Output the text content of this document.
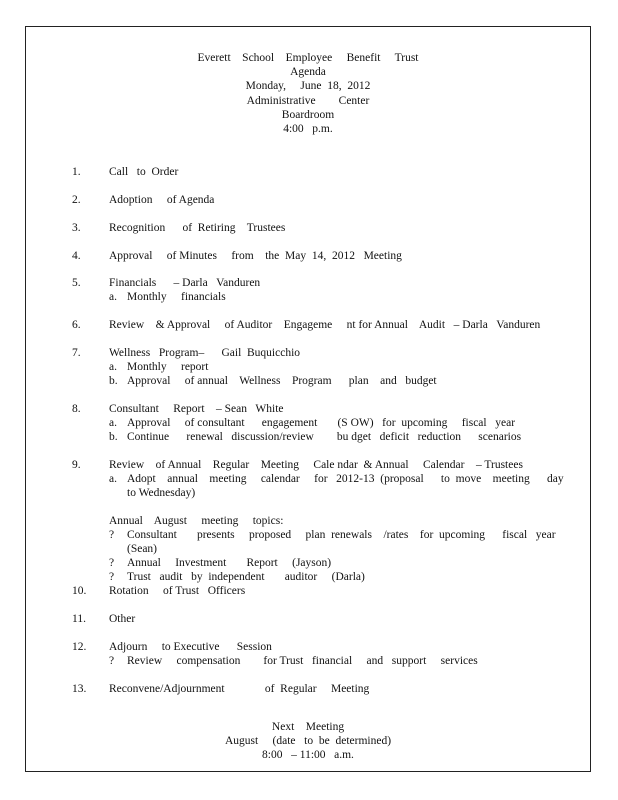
Everett    School    Employee     Benefit     Trust
Agenda
Monday,     June  18,  2012
Administrative        Center
Boardroom
4:00   p.m.
1. Call   to  Order
2. Adoption     of Agenda
3. Recognition      of  Retiring    Trustees
4. Approval     of Minutes     from    the  May  14,  2012   Meeting
5. Financials      – Darla   Vanduren
a. Monthly     financials
6. Review    & Approval     of Auditor    Engageme     nt for Annual    Audit   – Darla   Vanduren
7. Wellness   Program–      Gail  Buquicchio
a. Monthly     report
b. Approval     of annual    Wellness    Program      plan    and   budget
8. Consultant     Report    – Sean   White
a. Approval     of consultant      engagement       (S OW)   for  upcoming     fiscal   year
b. Continue      renewal   discussion/review        bu dget   deficit   reduction      scenarios
9. Review    of Annual    Regular    Meeting     Cale ndar  & Annual     Calendar    – Trustees
a. Adopt    annual    meeting     calendar     for   2012-13  (proposal      to  move    meeting      day    to Wednesday)
Annual    August     meeting     topics:
? Consultant       presents     proposed     plan  renewals    /rates    for  upcoming      fiscal   year   (Sean)
? Annual     Investment       Report     (Jayson)
? Trust   audit   by  independent       auditor     (Darla)
10. Rotation     of Trust   Officers
11. Other
12. Adjourn     to Executive      Session
? Review     compensation        for Trust   financial     and   support     services
13. Reconvene/Adjournment              of  Regular     Meeting
Next    Meeting
August     (date   to  be  determined)
8:00   – 11:00   a.m.
